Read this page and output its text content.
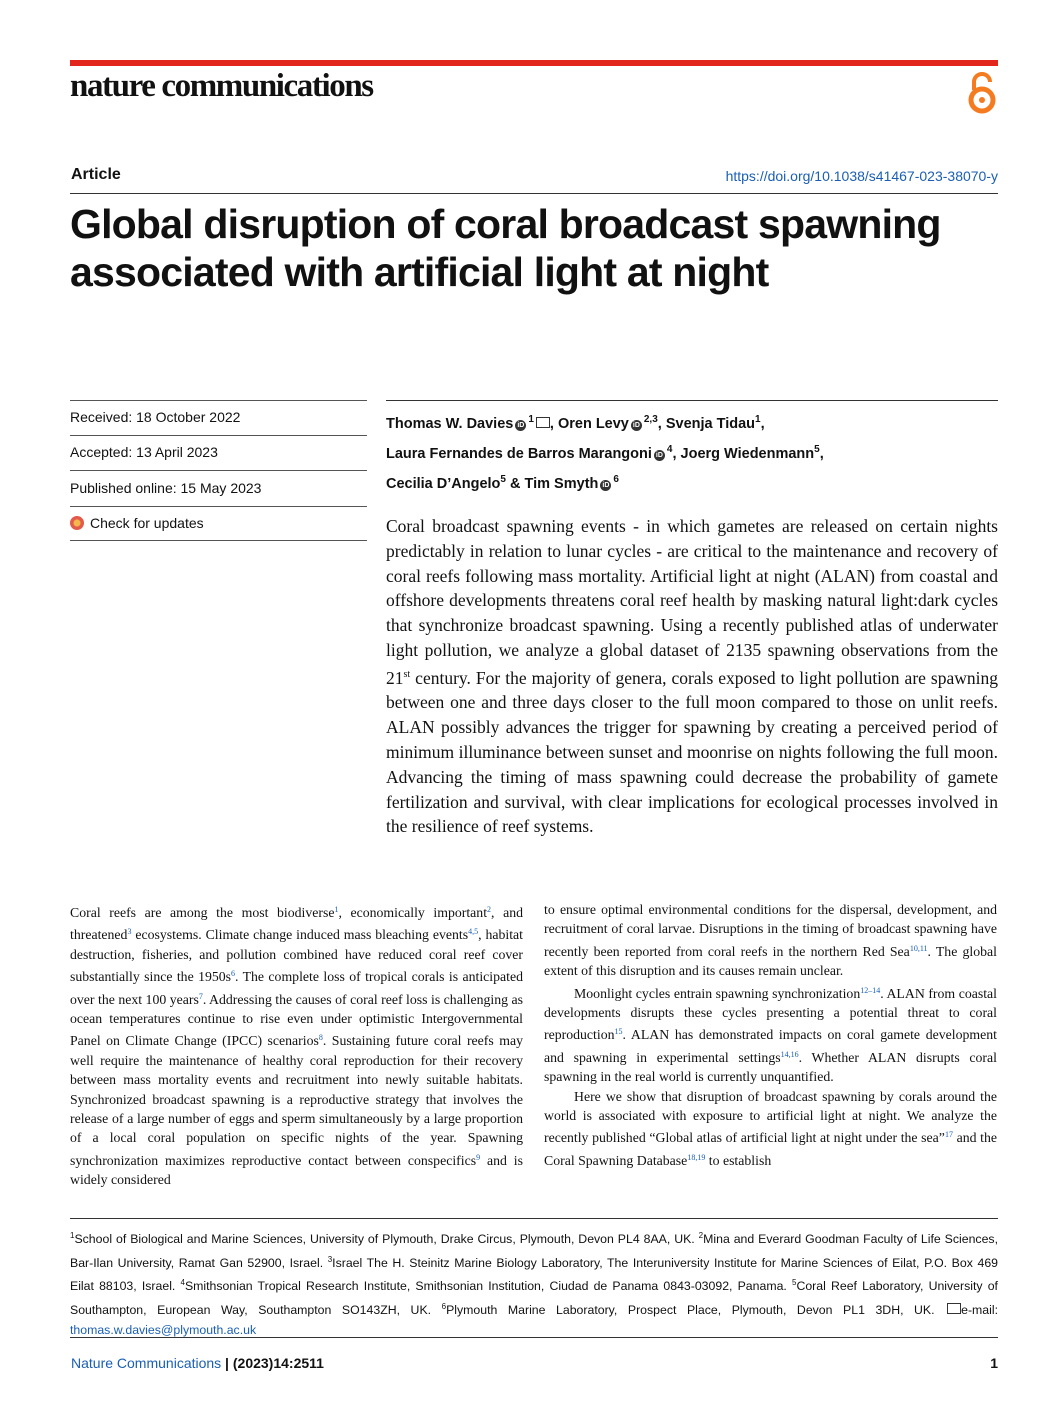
nature communications
Article	https://doi.org/10.1038/s41467-023-38070-y
Global disruption of coral broadcast spawning associated with artificial light at night
Received: 18 October 2022
Accepted: 13 April 2023
Published online: 15 May 2023
Check for updates
Thomas W. Davies $iD^1$ , Oren Levy iD$^{2,3}$, Svenja Tidau$^1$,
Laura Fernandes de Barros Marangoni $iD^4$, Joerg Wiedenmann$^5$,
Cecilia D’Angelo$^5$ & Tim Smyth $iD^6$
Coral broadcast spawning events - in which gametes are released on certain nights predictably in relation to lunar cycles - are critical to the maintenance and recovery of coral reefs following mass mortality. Artificial light at night (ALAN) from coastal and offshore developments threatens coral reef health by masking natural light:dark cycles that synchronize broadcast spawning. Using a recently published atlas of underwater light pollution, we analyze a global dataset of 2135 spawning observations from the 21st century. For the majority of genera, corals exposed to light pollution are spawning between one and three days closer to the full moon compared to those on unlit reefs. ALAN possibly advances the trigger for spawning by creating a perceived period of minimum illuminance between sunset and moonrise on nights following the full moon. Advancing the timing of mass spawning could decrease the probability of gamete fertilization and survival, with clear implications for ecological processes involved in the resilience of reef systems.

Coral reefs are among the most biodiverse$^1$, economically important$^2$, and threatened$^3$ ecosystems. Climate change induced mass bleaching events$^{4,5}$, habitat destruction, fisheries, and pollution combined have reduced coral reef cover substantially since the 1950s$^6$. The complete loss of tropical corals is anticipated over the next 100 years$^7$. Addressing the causes of coral reef loss is challenging as ocean temperatures continue to rise even under optimistic Intergovernmental Panel on Climate Change (IPCC) scenarios$^8$. Sustaining future coral reefs may well require the maintenance of healthy coral reproduction for their recovery between mass mortality events and recruitment into newly suitable habitats. Synchronized broadcast spawning is a reproductive strategy that involves the release of a large number of eggs and sperm simultaneously by a large proportion of a local coral population on specific nights of the year. Spawning synchronization maximizes reproductive contact between conspecifics$^9$ and is widely considered

to ensure optimal environmental conditions for the dispersal, development, and recruitment of coral larvae. Disruptions in the timing of broadcast spawning have recently been reported from coral reefs in the northern Red Sea$^{10,11}$. The global extent of this disruption and its causes remain unclear.

Moonlight cycles entrain spawning synchronization$^{12-14}$. ALAN from coastal developments disrupts these cycles presenting a potential threat to coral reproduction$^{15}$. ALAN has demonstrated impacts on coral gamete development and spawning in experimental settings$^{14,16}$. Whether ALAN disrupts coral spawning in the real world is currently unquantified.

Here we show that disruption of broadcast spawning by corals around the world is associated with exposure to artificial light at night. We analyze the recently published “Global atlas of artificial light at night under the sea”$^{17}$ and the Coral Spawning Database$^{18,19}$ to establish

$^1$School of Biological and Marine Sciences, University of Plymouth, Drake Circus, Plymouth, Devon PL4 8AA, UK. $^2$Mina and Everard Goodman Faculty of Life Sciences, Bar-Ilan University, Ramat Gan 52900, Israel. $^3$Israel The H. Steinitz Marine Biology Laboratory, The Interuniversity Institute for Marine Sciences of Eilat, P.O. Box 469 Eilat 88103, Israel. $^4$Smithsonian Tropical Research Institute, Smithsonian Institution, Ciudad de Panama 0843-03092, Panama. $^5$Coral Reef Laboratory, University of Southampton, European Way, Southampton SO143ZH, UK. $^6$Plymouth Marine Laboratory, Prospect Place, Plymouth, Devon PL1 3DH, UK. e-mail: thomas.w.davies@plymouth.ac.uk
Nature Communications | (2023)14:2511	1
